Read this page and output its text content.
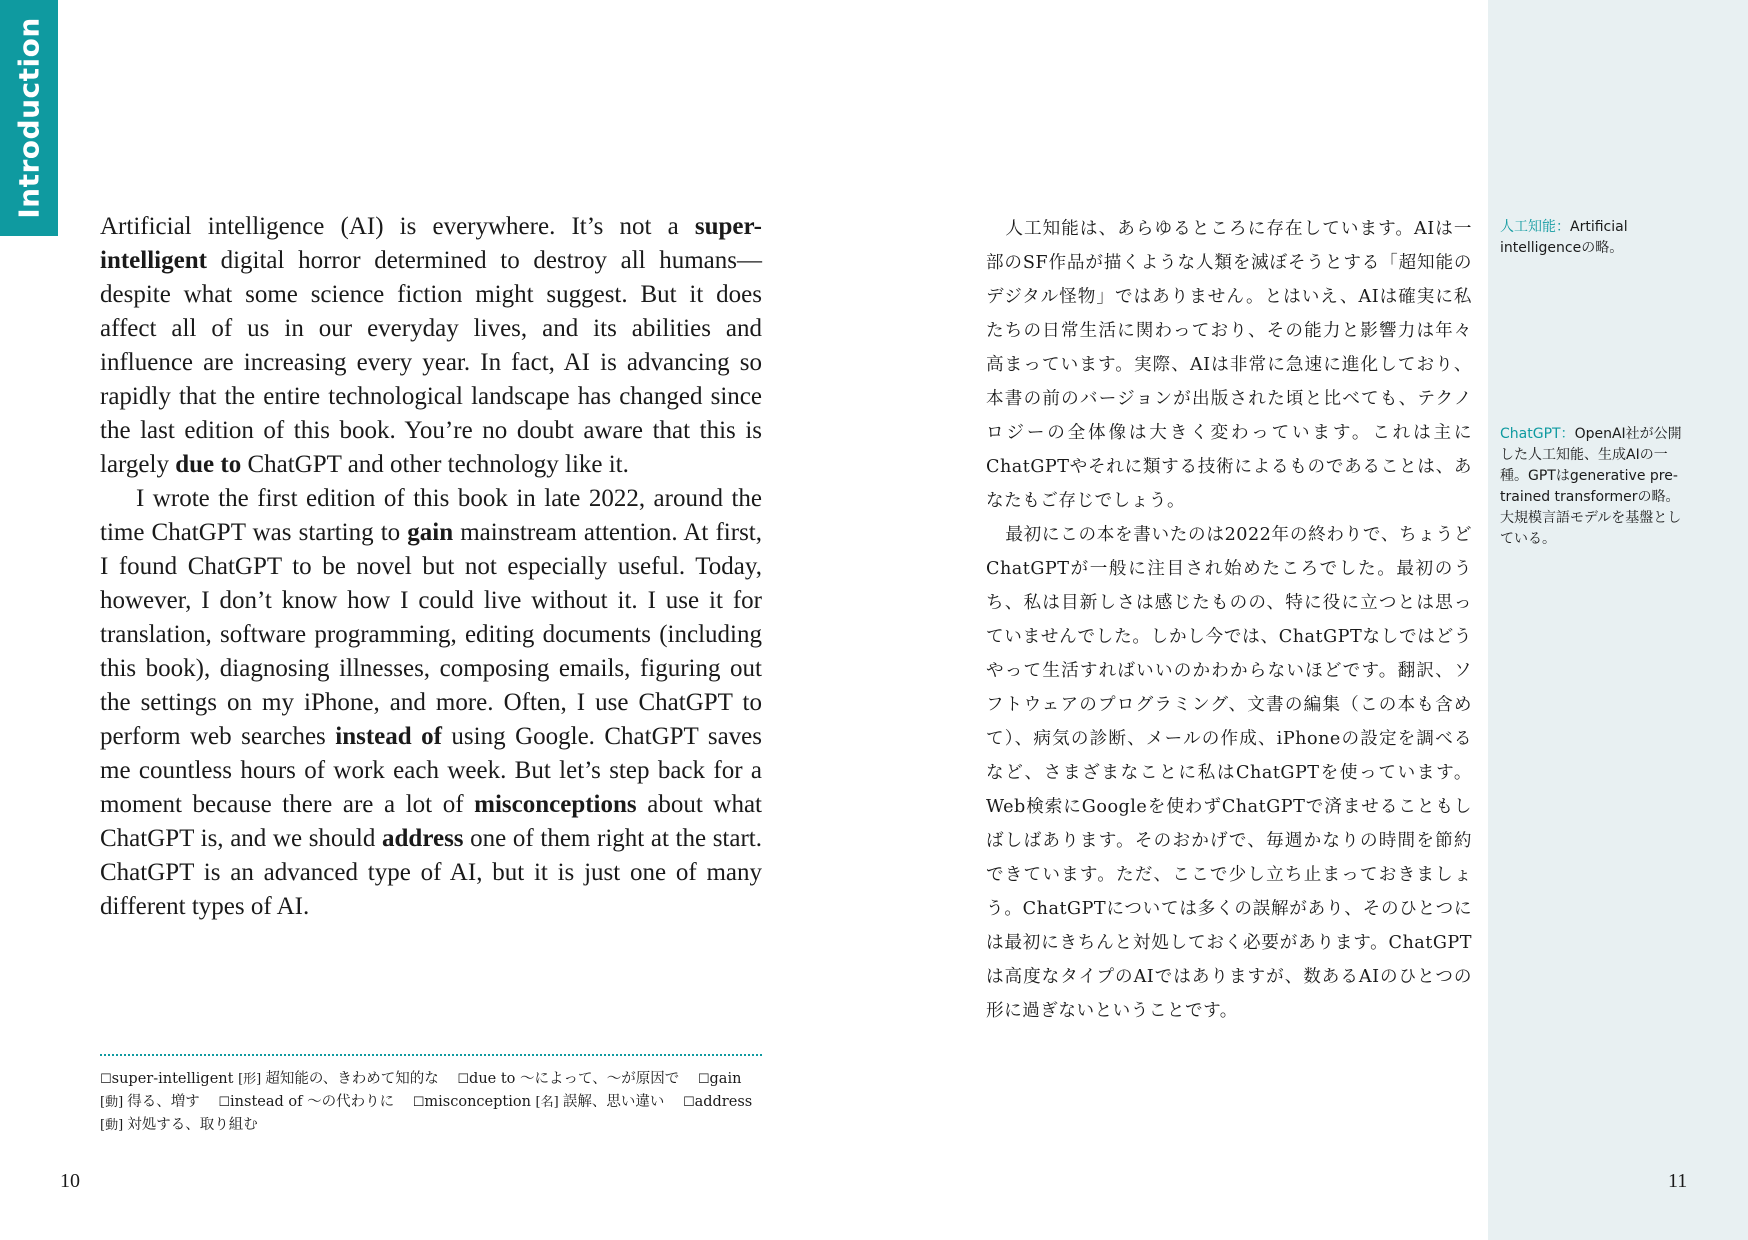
Introduction

Artificial intelligence (AI) is everywhere. It’s not a super-intelligent digital horror determined to destroy all humans—despite what some science fiction might suggest. But it does affect all of us in our everyday lives, and its abilities and influence are increasing every year. In fact, AI is advancing so rapidly that the entire technological landscape has changed since the last edition of this book. You’re no doubt aware that this is largely due to ChatGPT and other technology like it.

I wrote the first edition of this book in late 2022, around the time ChatGPT was starting to gain mainstream attention. At first, I found ChatGPT to be novel but not especially useful. Today, however, I don’t know how I could live without it. I use it for translation, software programming, editing documents (including this book), diagnosing illnesses, composing emails, figuring out the settings on my iPhone, and more. Often, I use ChatGPT to perform web searches instead of using Google. ChatGPT saves me countless hours of work each week. But let’s step back for a moment because there are a lot of misconceptions about what ChatGPT is, and we should address one of them right at the start. ChatGPT is an advanced type of AI, but it is just one of many different types of AI.

☐super-intelligent [形] 超知能の、きわめて知的な ☐due to ～によって、～が原因で ☐gain [動] 得る、増す ☐instead of ～の代わりに ☐misconception [名] 誤解、思い違い ☐address [動] 対処する、取り組む
10

人工知能は、あらゆるところに存在しています。AIは一部のSF作品が描くような人類を滅ぼそうとする「超知能のデジタル怪物」ではありません。とはいえ、AIは確実に私たちの日常生活に関わっており、その能力と影響力は年々高まっています。実際、AIは非常に急速に進化しており、本書の前のバージョンが出版された頃と比べても、テクノロジーの全体像は大きく変わっています。これは主にChatGPTやそれに類する技術によるものであることは、あなたもご存じでしょう。

最初にこの本を書いたのは2022年の終わりで、ちょうどChatGPTが一般に注目され始めたころでした。最初のうち、私は目新しさは感じたものの、特に役に立つとは思っていませんでした。しかし今では、ChatGPTなしではどうやって生活すればいいのかわからないほどです。翻訳、ソフトウェアのプログラミング、文書の編集（この本も含めて）、病気の診断、メールの作成、iPhoneの設定を調べるなど、さまざまなことに私はChatGPTを使っています。Web検索にGoogleを使わずChatGPTで済ませることもしばしばあります。そのおかげで、毎週かなりの時間を節約できています。ただ、ここで少し立ち止まっておきましょう。ChatGPTについては多くの誤解があり、そのひとつには最初にきちんと対処しておく必要があります。ChatGPTは高度なタイプのAIではありますが、数あるAIのひとつの形に過ぎないということです。

人工知能：Artificial intelligenceの略。
ChatGPT：OpenAI社が公開した人工知能、生成AIの一種。GPTはgenerative pre-trained transformerの略。大規模言語モデルを基盤としている。
11
